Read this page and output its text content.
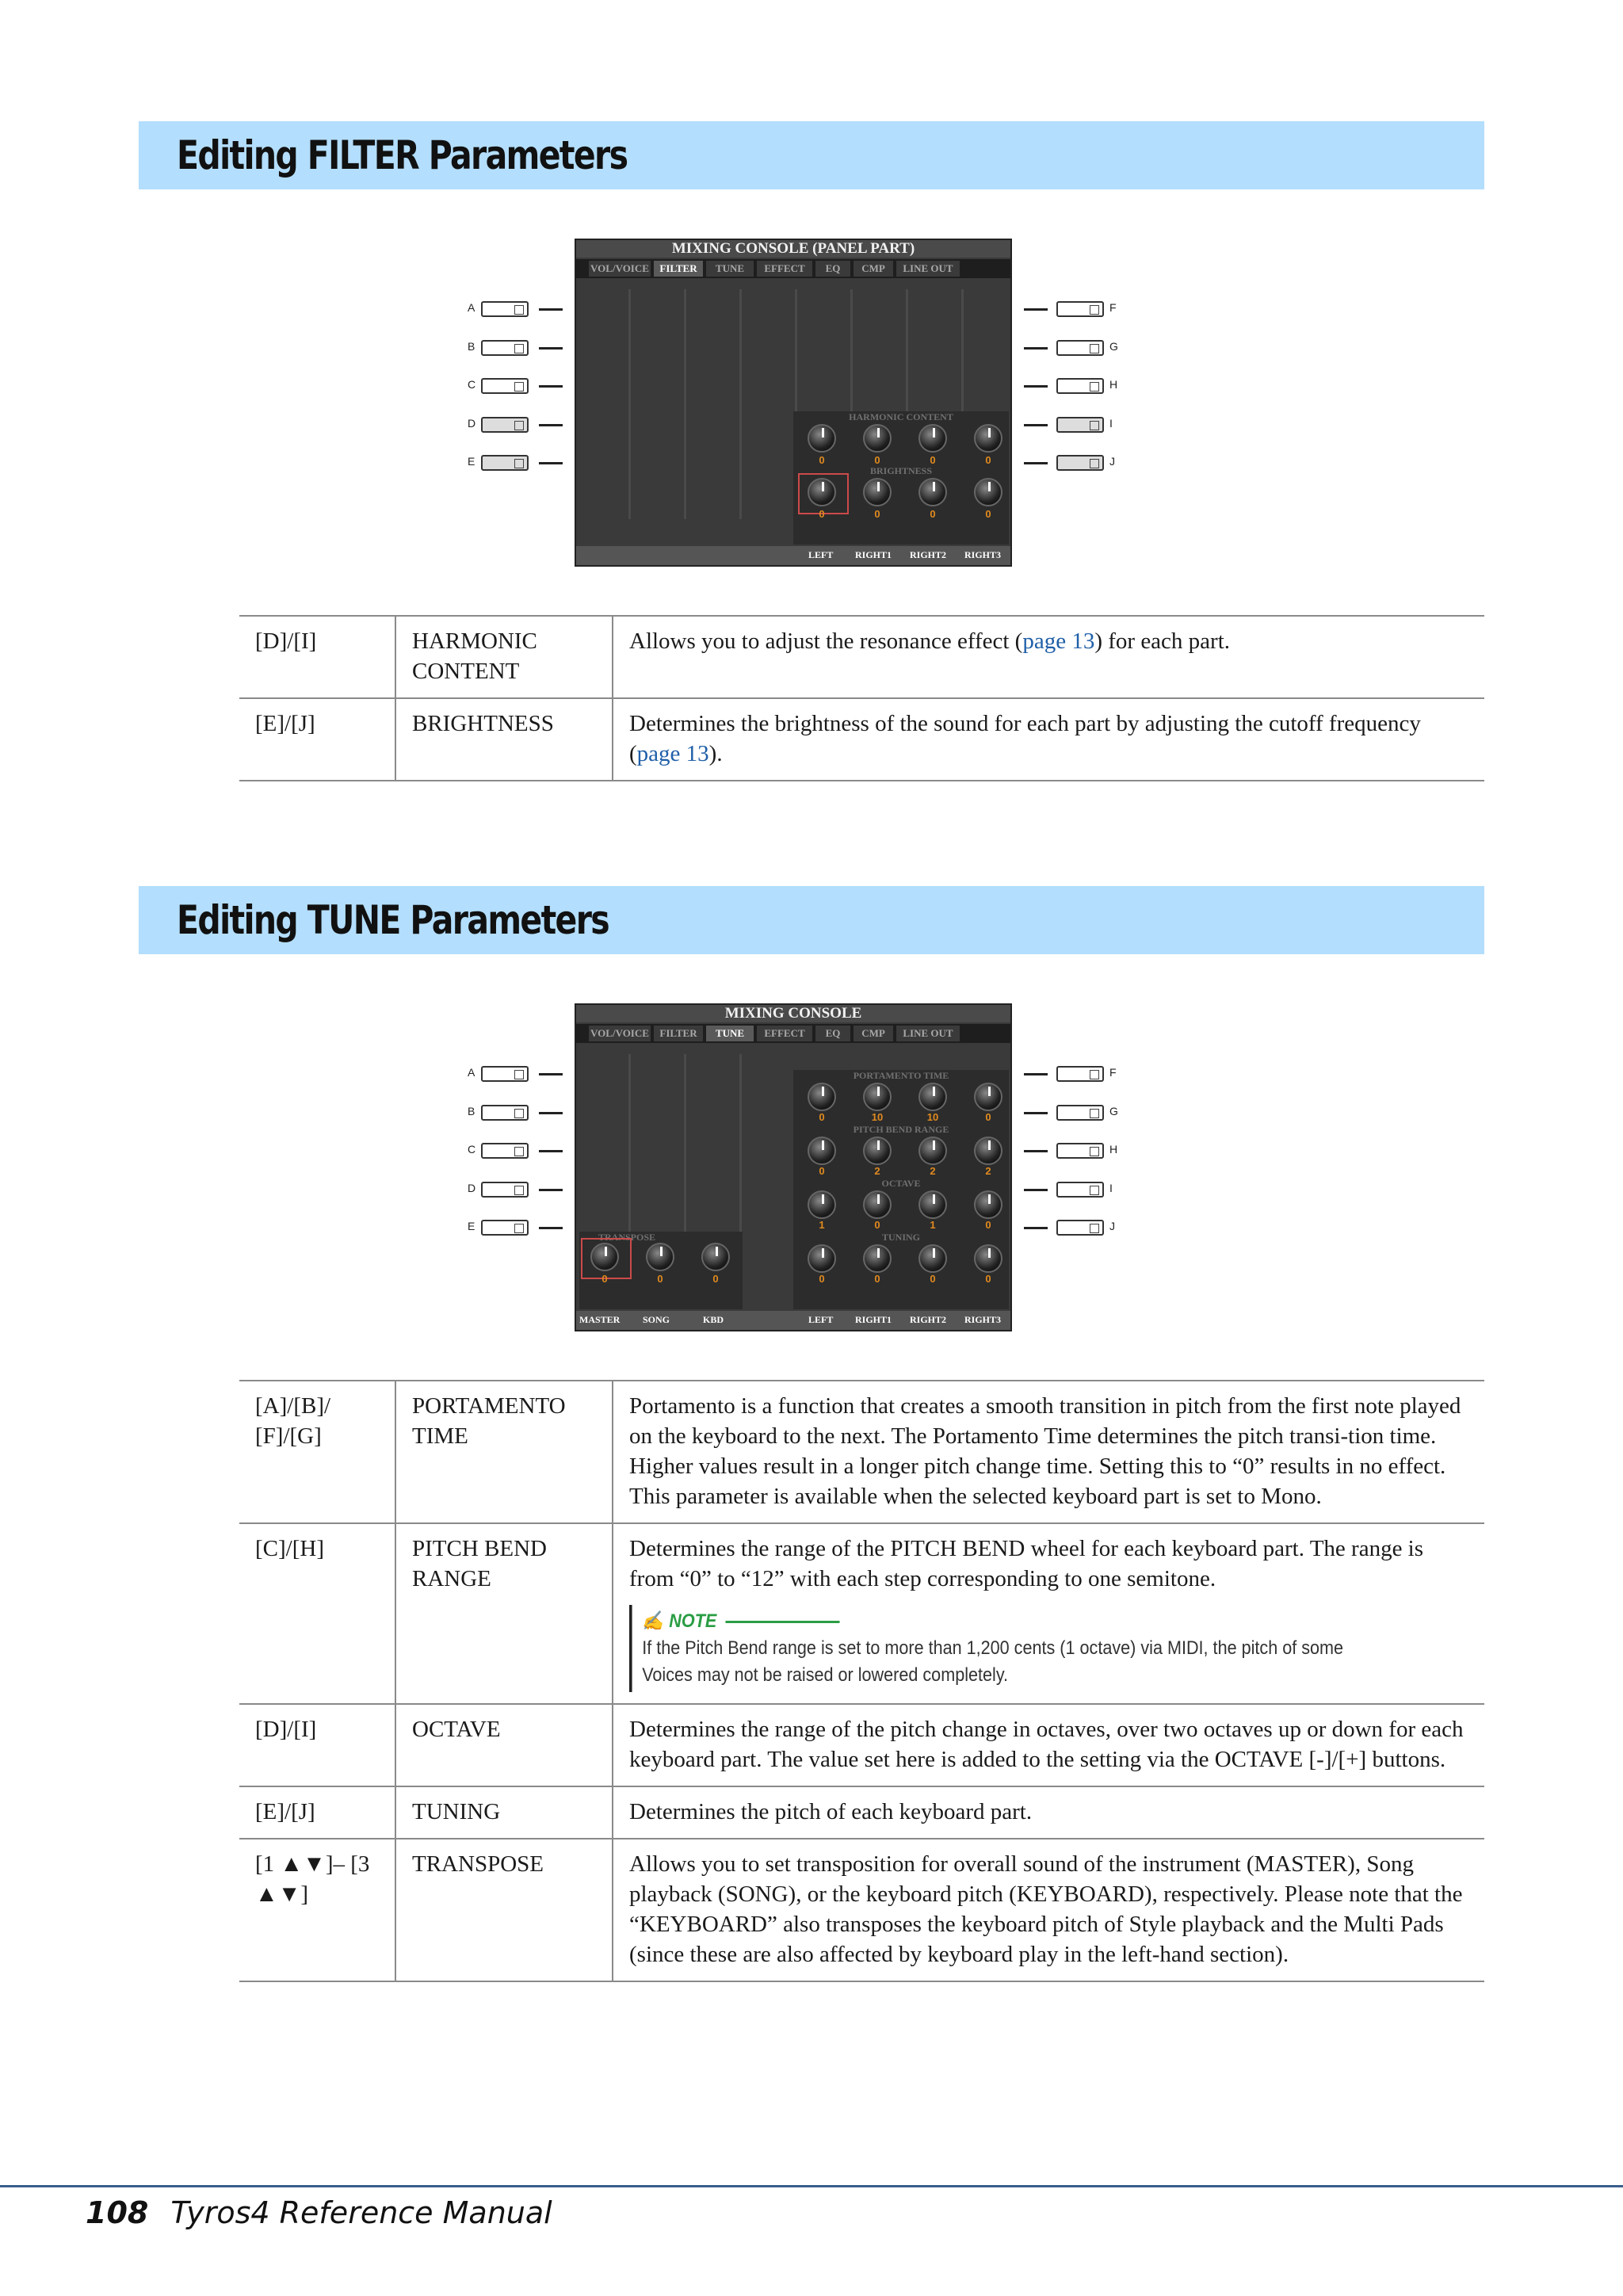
Editing FILTER Parameters
A
B
C
D
E
F
G
H
I
J
MIXING CONSOLE (PANEL PART)
VOL/VOICE	FILTER	TUNE	EFFECT	EQ	CMP	LINE OUT
HARMONIC CONTENT
0	0	0	0
BRIGHTNESS
0	0	0	0
LEFT RIGHT1 RIGHT2 RIGHT3
[D]/[I]	HARMONIC CONTENT	Allows you to adjust the resonance effect (page 13) for each part.
[E]/[J]	BRIGHTNESS	Determines the brightness of the sound for each part by adjusting the cutoff frequency (page 13).
Editing TUNE Parameters
A
B
C
D
E
F
G
H
I
J
MIXING CONSOLE
VOL/VOICE	FILTER	TUNE	EFFECT	EQ	CMP	LINE OUT
PORTAMENTO TIME
0	10	10	0
PITCH BEND RANGE
0	2	2	2
OCTAVE
1	0	1	0
TUNING
0	0	0	0
TRANSPOSE
0	0	0
MASTER SONG	KBD	LEFT RIGHT1 RIGHT2 RIGHT3
[A]/[B]/ [F]/[G]	PORTAMENTO TIME	Portamento is a function that creates a smooth transition in pitch from the first note played on the keyboard to the next. The Portamento Time determines the pitch transi-tion time. Higher values result in a longer pitch change time. Setting this to “0” results in no effect. This parameter is available when the selected keyboard part is set to Mono.
[C]/[H]	PITCH BEND RANGE	Determines the range of the PITCH BEND wheel for each keyboard part. The range is from “0” to “12” with each step corresponding to one semitone.
✍ NOTE
If the Pitch Bend range is set to more than 1,200 cents (1 octave) via MIDI, the pitch of some Voices may not be raised or lowered completely.

[D]/[I]	OCTAVE	Determines the range of the pitch change in octaves, over two octaves up or down for each keyboard part. The value set here is added to the setting via the OCTAVE [-]/[+] buttons.
[E]/[J]	TUNING	Determines the pitch of each keyboard part.
[1 ▲▼]– [3 ▲▼]	TRANSPOSE	Allows you to set transposition for overall sound of the instrument (MASTER), Song playback (SONG), or the keyboard pitch (KEYBOARD), respectively. Please note that the “KEYBOARD” also transposes the keyboard pitch of Style playback and the Multi Pads (since these are also affected by keyboard play in the left-hand section).
108 Tyros4 Reference Manual
